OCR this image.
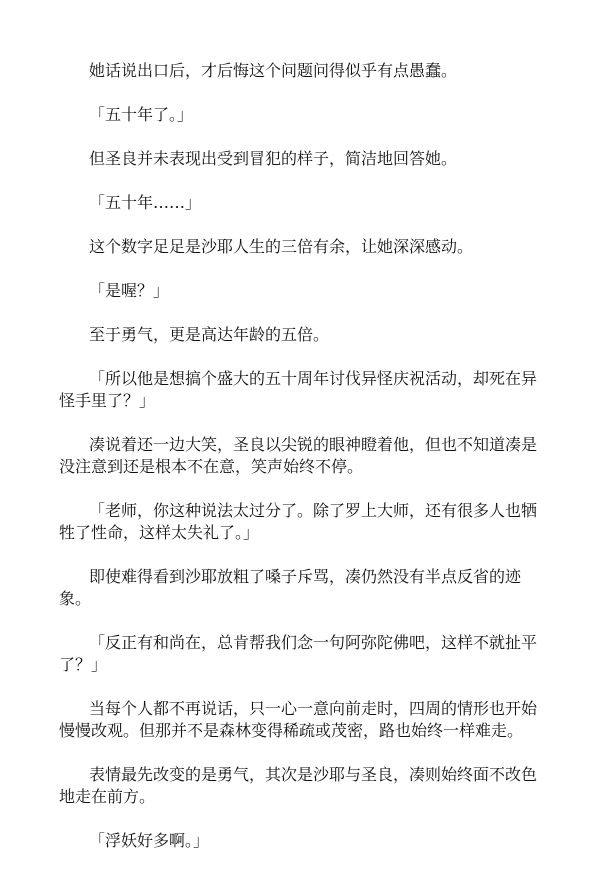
她话说出口后，才后悔这个问题问得似乎有点愚蠢。

「五十年了。」

但圣良并未表现出受到冒犯的样子，简洁地回答她。

「五十年……」

这个数字足足是沙耶人生的三倍有余，让她深深感动。

「是喔？」

至于勇气，更是高达年龄的五倍。

「所以他是想搞个盛大的五十周年讨伐异怪庆祝活动，却死在异怪手里了？」

凑说着还一边大笑，圣良以尖锐的眼神瞪着他，但也不知道凑是没注意到还是根本不在意，笑声始终不停。

「老师，你这种说法太过分了。除了罗上大师，还有很多人也牺牲了性命，这样太失礼了。」

即使难得看到沙耶放粗了嗓子斥骂，凑仍然没有半点反省的迹象。

「反正有和尚在，总肯帮我们念一句阿弥陀佛吧，这样不就扯平了？」

当每个人都不再说话，只一心一意向前走时，四周的情形也开始慢慢改观。但那并不是森林变得稀疏或茂密，路也始终一样难走。

表情最先改变的是勇气，其次是沙耶与圣良，凑则始终面不改色地走在前方。

「浮妖好多啊。」
